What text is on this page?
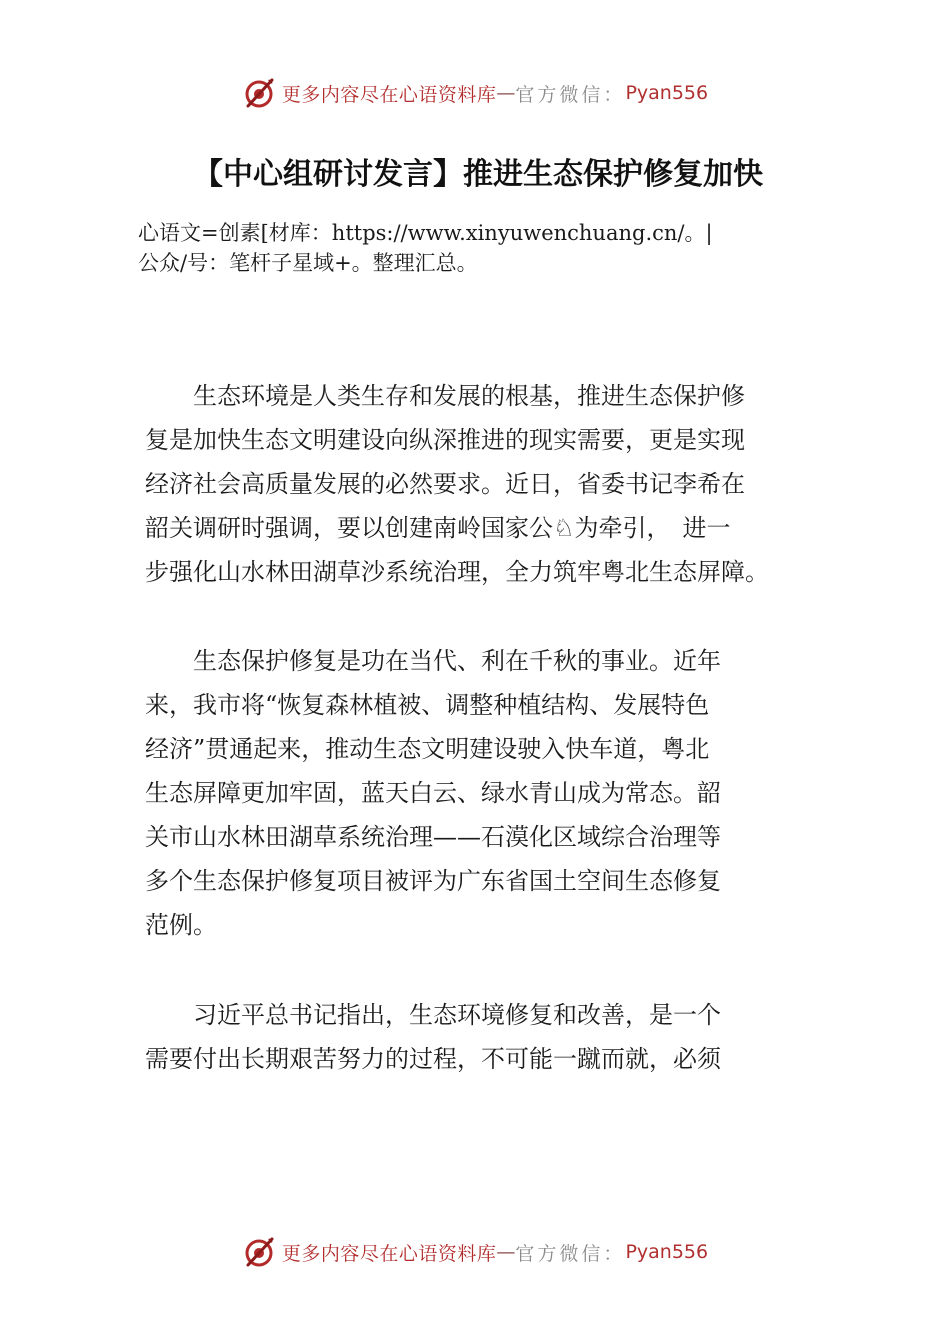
更多内容尽在心语资料库 — 官方微信： Pyan556
【中心组研讨发言】推进生态保护修复加快
心语文=创素[材库：https://www.xinyuwenchuang.cn/。|
公众/号：笔杆子星域+。整理汇总。
　　生态环境是人类生存和发展的根基，推进生态保护修
复是加快生态文明建设向纵深推进的现实需要，更是实现
经济社会高质量发展的必然要求。近日，省委书记李希在
韶关调研时强调，要以创建南岭国家公♘为牵引，　进一
步强化山水林田湖草沙系统治理，全力筑牢粤北生态屏障。
　　生态保护修复是功在当代、利在千秋的事业。近年
来，我市将“恢复森林植被、调整种植结构、发展特色
经济”贯通起来，推动生态文明建设驶入快车道，粤北
生态屏障更加牢固，蓝天白云、绿水青山成为常态。韶
关市山水林田湖草系统治理——石漠化区域综合治理等
多个生态保护修复项目被评为广东省国土空间生态修复
范例。
　　习近平总书记指出，生态环境修复和改善，是一个
需要付出长期艰苦努力的过程，不可能一蹴而就，必须
更多内容尽在心语资料库 — 官方微信： Pyan556
